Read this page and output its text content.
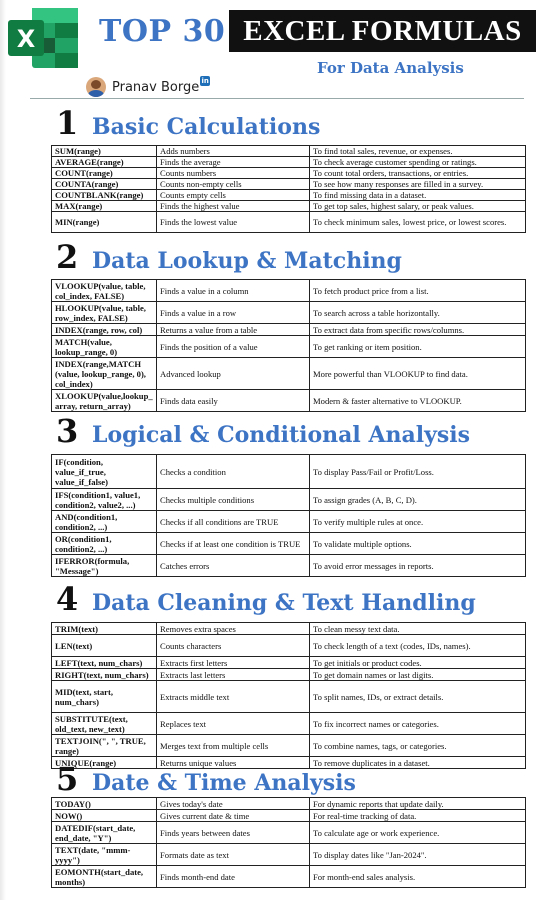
X TOP 30 EXCEL FORMULAS
For Data Analysis
Pranav Borge in
1 Basic Calculations
SUM(range)	Adds numbers	To find total sales, revenue, or expenses.
AVERAGE(range)	Finds the average	To check average customer spending or ratings.
COUNT(range)	Counts numbers	To count total orders, transactions, or entries.
COUNTA(range)	Counts non-empty cells	To see how many responses are filled in a survey.
COUNTBLANK(range)	Counts empty cells	To find missing data in a dataset.
MAX(range)	Finds the highest value	To get top sales, highest salary, or peak values.
MIN(range)	Finds the lowest value	To check minimum sales, lowest price, or lowest scores.
2 Data Lookup & Matching
VLOOKUP(value, table, col_index, FALSE)	Finds a value in a column	To fetch product price from a list.
HLOOKUP(value, table, row_index, FALSE)	Finds a value in a row	To search across a table horizontally.
INDEX(range, row, col)	Returns a value from a table	To extract data from specific rows/columns.
MATCH(value, lookup_range, 0)	Finds the position of a value	To get ranking or item position.
INDEX(range,MATCH (value, lookup_range, 0), col_index)	Advanced lookup	More powerful than VLOOKUP to find data.
XLOOKUP(value,lookup_ array, return_array)	Finds data easily	Modern & faster alternative to VLOOKUP.
3 Logical & Conditional Analysis
IF(condition, value_if_true, value_if_false)	Checks a condition	To display Pass/Fail or Profit/Loss.
IFS(condition1, value1, condition2, value2, ...)	Checks multiple conditions	To assign grades (A, B, C, D).
AND(condition1, condition2, ...)	Checks if all conditions are TRUE	To verify multiple rules at once.
OR(condition1, condition2, ...)	Checks if at least one condition is TRUE	To validate multiple options.
IFERROR(formula, "Message")	Catches errors	To avoid error messages in reports.
4 Data Cleaning & Text Handling
TRIM(text)	Removes extra spaces	To clean messy text data.
LEN(text)	Counts characters	To check length of a text (codes, IDs, names).
LEFT(text, num_chars)	Extracts first letters	To get initials or product codes.
RIGHT(text, num_chars)	Extracts last letters	To get domain names or last digits.
MID(text, start, num_chars)	Extracts middle text	To split names, IDs, or extract details.
SUBSTITUTE(text, old_text, new_text)	Replaces text	To fix incorrect names or categories.
TEXTJOIN(", ", TRUE, range)	Merges text from multiple cells	To combine names, tags, or categories.
UNIQUE(range)	Returns unique values	To remove duplicates in a dataset.
5 Date & Time Analysis
TODAY()	Gives today's date	For dynamic reports that update daily.
NOW()	Gives current date & time	For real-time tracking of data.
DATEDIF(start_date, end_date, "Y")	Finds years between dates	To calculate age or work experience.
TEXT(date, "mmm-yyyy")	Formats date as text	To display dates like "Jan-2024".
EOMONTH(start_date, months)	Finds month-end date	For month-end sales analysis.
